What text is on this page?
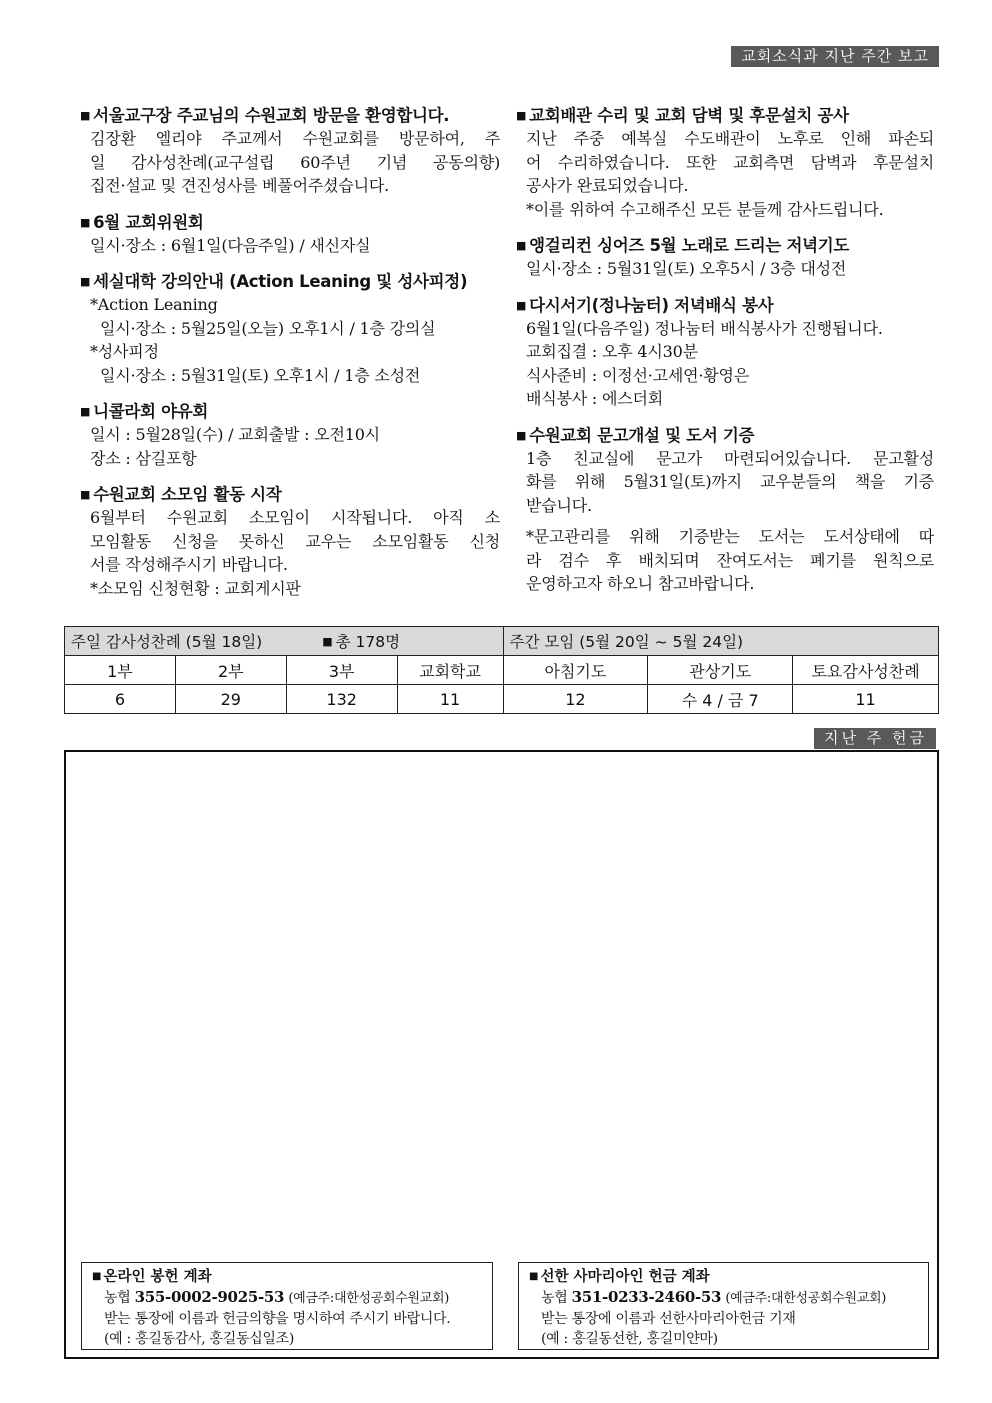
교회소식과 지난 주간 보고
■ 서울교구장 주교님의 수원교회 방문을 환영합니다.
김장환 엘리야 주교께서 수원교회를 방문하여, 주
일 감사성찬례(교구설립 60주년 기념 공동의향)
집전·설교 및 견진성사를 베풀어주셨습니다.
■ 6월 교회위원회
일시·장소 : 6월1일(다음주일) / 새신자실
■ 세실대학 강의안내 (Action Leaning 및 성사피정)
*Action Leaning
일시·장소 : 5월25일(오늘) 오후1시 / 1층 강의실
*성사피정
일시·장소 : 5월31일(토) 오후1시 / 1층 소성전
■ 니콜라회 야유회
일시 : 5월28일(수) / 교회출발 : 오전10시
장소 : 삼길포항
■ 수원교회 소모임 활동 시작
6월부터 수원교회 소모임이 시작됩니다. 아직 소
모임활동 신청을 못하신 교우는 소모임활동 신청
서를 작성해주시기 바랍니다.
*소모임 신청현황 : 교회게시판
■ 교회배관 수리 및 교회 담벽 및 후문설치 공사
지난 주중 예복실 수도배관이 노후로 인해 파손되
어 수리하였습니다. 또한 교회측면 담벽과 후문설치
공사가 완료되었습니다.
*이를 위하여 수고해주신 모든 분들께 감사드립니다.
■ 앵걸리컨 싱어즈 5월 노래로 드리는 저녁기도
일시·장소 : 5월31일(토) 오후5시 / 3층 대성전
■ 다시서기(정나눔터) 저녁배식 봉사
6월1일(다음주일) 정나눔터 배식봉사가 진행됩니다.
교회집결 : 오후 4시30분
식사준비 : 이정선·고세연·황영은
배식봉사 : 에스더회
■ 수원교회 문고개설 및 도서 기증
1층 친교실에 문고가 마련되어있습니다. 문고활성
화를 위해 5월31일(토)까지 교우분들의 책을 기증
받습니다.
*문고관리를 위해 기증받는 도서는 도서상태에 따
라 검수 후 배치되며 잔여도서는 폐기를 원칙으로
운영하고자 하오니 참고바랍니다.
주일 감사성찬례 (5월 18일) ■ 총 178명				주간 모임 (5월 20일 ~ 5월 24일)		
1부	2부	3부	교회학교	아침기도	관상기도	토요감사성찬례
6	29	132	11	12	수 4 / 금 7	11
지난 주 헌금
■ 온라인 봉헌 계좌
농협 355-0002-9025-53 (예금주:대한성공회수원교회)
받는 통장에 이름과 헌금의향을 명시하여 주시기 바랍니다.
(예 : 홍길동감사, 홍길동십일조)
■ 선한 사마리아인 헌금 계좌
농협 351-0233-2460-53 (예금주:대한성공회수원교회)
받는 통장에 이름과 선한사마리아헌금 기재
(예 : 홍길동선한, 홍길미얀마)
